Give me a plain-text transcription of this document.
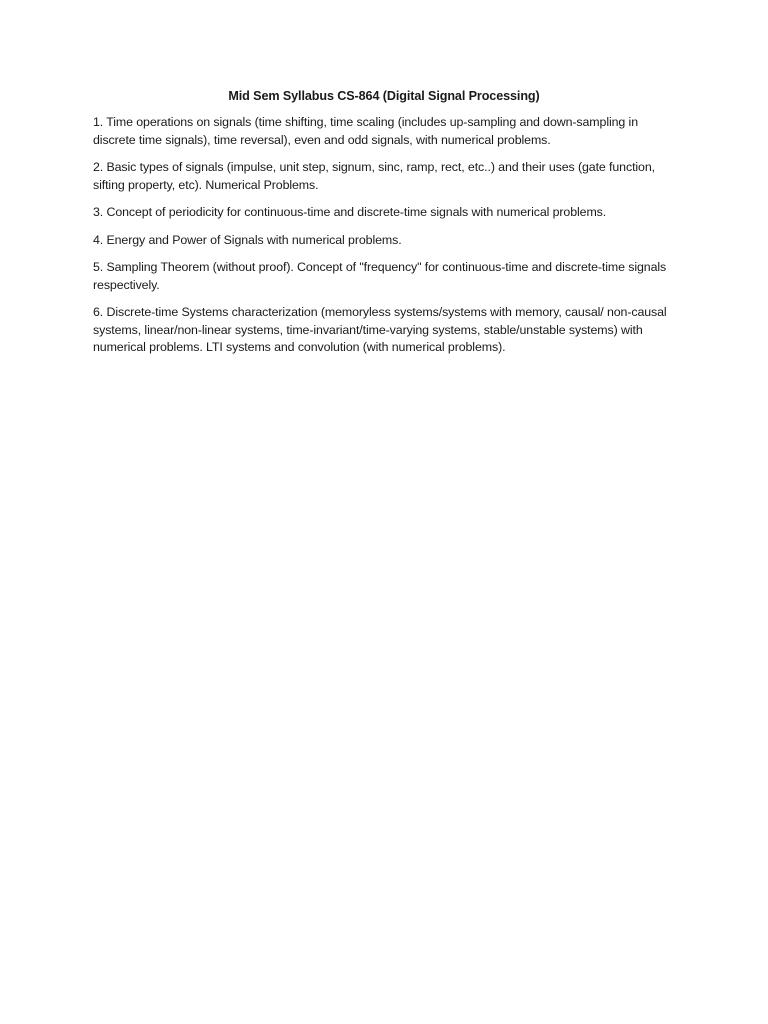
Mid Sem Syllabus CS-864 (Digital Signal Processing)

1. Time operations on signals (time shifting, time scaling (includes up-sampling and down-sampling in discrete time signals), time reversal), even and odd signals, with numerical problems.

2. Basic types of signals (impulse, unit step, signum, sinc, ramp, rect, etc..) and their uses (gate function, sifting property, etc). Numerical Problems.

3. Concept of periodicity for continuous-time and discrete-time signals with numerical problems.

4. Energy and Power of Signals with numerical problems.

5. Sampling Theorem (without proof). Concept of "frequency" for continuous-time and discrete-time signals respectively.

6. Discrete-time Systems characterization (memoryless systems/systems with memory, causal/ non-causal systems, linear/non-linear systems, time-invariant/time-varying systems, stable/unstable systems) with numerical problems. LTI systems and convolution (with numerical problems).
